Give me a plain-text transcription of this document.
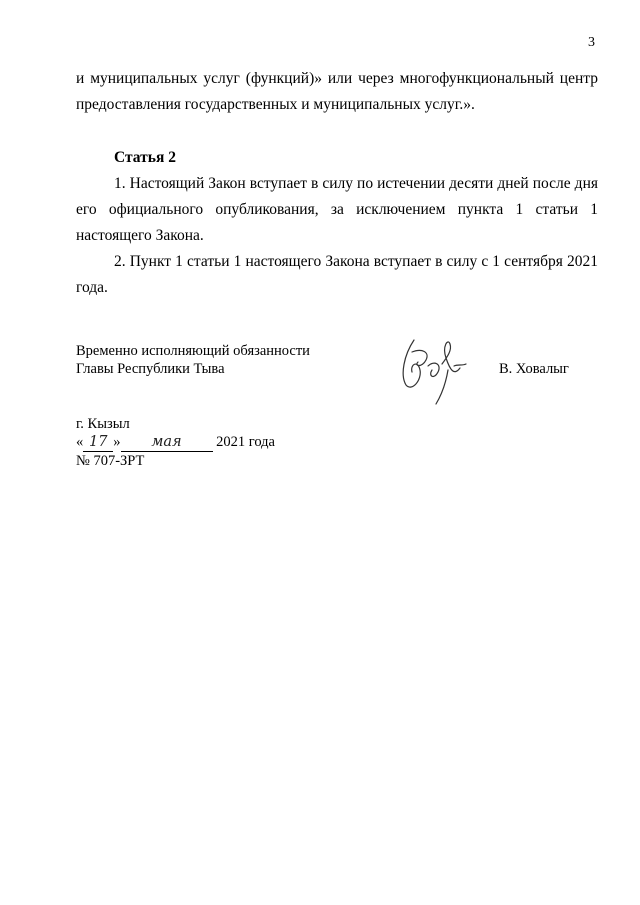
3

и муниципальных услуг (функций)» или через многофункциональный центр

предоставления государственных и муниципальных услуг.».

Статья 2

1. Настоящий Закон вступает в силу по истечении десяти дней после дня

его официального опубликования, за исключением пункта 1 статьи 1

настоящего Закона.

2. Пункт 1 статьи 1 настоящего Закона вступает в силу с 1 сентября 2021

года.

Временно исполняющий обязанности

Главы Республики Тыва	В. Ховалыг

г. Кызыл

« 17 » мая 2021 года

№ 707-ЗРТ
